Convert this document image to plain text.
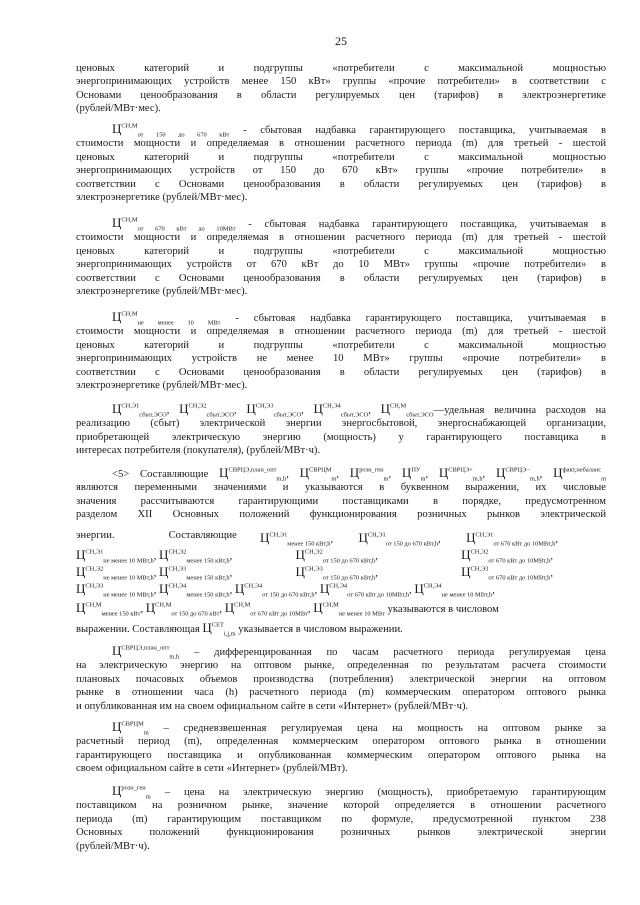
25
ценовых категорий и подгруппы «потребители с максимальной мощностью
энергопринимающих устройств менее 150 кВт» группы «прочие потребители» в соответствии с
Основами ценообразования в области регулируемых цен (тарифов) в электроэнергетике
(рублей/МВт·мес).
$Ц^{СН,М}_{от 150 до 670 кВт}$ - сбытовая надбавка гарантирующего поставщика, учитываемая в
стоимости мощности и определяемая в отношении расчетного периода (m) для третьей - шестой
ценовых категорий и подгруппы «потребители с максимальной мощностью
энергопринимающих устройств от 150 до 670 кВт» группы «прочие потребители» в
соответствии с Основами ценообразования в области регулируемых цен (тарифов) в
электроэнергетике (рублей/МВт·мес).
$Ц^{СН,М}_{от 670 кВт до 10МВт}$ - сбытовая надбавка гарантирующего поставщика, учитываемая в
стоимости мощности и определяемая в отношении расчетного периода (m) для третьей - шестой
ценовых категорий и подгруппы «потребители с максимальной мощностью
энергопринимающих устройств от 670 кВт до 10 МВт» группы «прочие потребители» в
соответствии с Основами ценообразования в области регулируемых цен (тарифов) в
электроэнергетике (рублей/МВт·мес).
$Ц^{СН,М}_{не менее 10 МВт}$ - сбытовая надбавка гарантирующего поставщика, учитываемая в
стоимости мощности и определяемая в отношении расчетного периода (m) для третьей - шестой
ценовых категорий и подгруппы «потребители с максимальной мощностью
энергопринимающих устройств не менее 10 МВт» группы «прочие потребители» в
соответствии с Основами ценообразования в области регулируемых цен (тарифов) в
электроэнергетике (рублей/МВт·мес).
$Ц^{СН,Э1}_{сбыт,ЭСО}$, $Ц^{СН,Э2}_{сбыт,ЭСО}$, $Ц^{СН,Э3}_{сбыт,ЭСО}$, $Ц^{СН,Э4}_{сбыт,ЭСО}$, $Ц^{СН,М}_{сбыт,ЭСО}—удельная$ величина расходов на
реализацию (сбыт) электрической энергии энергосбытовой, энергоснабжающей организации,
приобретающей электрическую энергию (мощность) у гарантирующего поставщика в
интересах потребителя (покупателя), (рублей/МВт·ч).
<5> Составляющие $Ц^{СВРЦЭ,план\_опт}_{m,h}$, $Ц^{СВРЦМ}_m$, $Ц^{розн\_ген}_m$, $Ц^{ПУ}_m$, $Ц^{СВРЦЭ+}_{m,h}$, $Ц^{СВРЦЭ-}_{m,h}$, $Ц^{факт,небаланс}_m$
являются переменными значениями и указываются в буквенном выражении, их числовые
значения рассчитываются гарантирующими поставщиками в порядке, предусмотренном
разделом XII Основных положений функционирования розничных рынков электрической
энергии.	Составляющие	$Ц^{СН,Э1}_{менее 150 кВт,h}$,  $Ц^{СН,Э1}_{от 150 до 670 кВт,h}$,  $Ц^{СН,Э1}_{от 670 кВт до 10МВт,h}$,
$Ц^{СН,Э1}_{не менее 10 МВт,h}$, $Ц^{СН,Э2}_{менее 150 кВт,h}$,	$Ц^{СН,Э2}_{от 150 до 670 кВт,h}$,	$Ц^{СН,Э2}_{от 670 кВт до 10МВт,h}$,
$Ц^{СН,Э2}_{не менее 10 МВт,h}$, $Ц^{СН,Э3}_{менее 150 кВт,h}$,	$Ц^{СН,Э3}_{от 150 до 670 кВт,h}$,	$Ц^{СН,Э3}_{от 670 кВт до 10МВт,h}$,
$Ц^{СН,Э3}_{не менее 10 МВт,h}$, $Ц^{СН,Э4}_{менее 150 кВт,h}$, $Ц^{СН,Э4}_{от 150 до 670 кВт,h}$, $Ц^{СН,Э4}_{от 670 кВт до 10МВт,h}$, $Ц^{СН,Э4}_{не менее 10 МВт,h}$,
$Ц^{СН,М}_{менее 150 кВт}$, $Ц^{СН,М}_{от 150 до 670 кВт}$, $Ц^{СН,М}_{от 670 кВт до 10МВт}$, $Ц^{СН,М}_{не менее 10 МВт}$ указываются в числовом
выражении. Составляющая $Ц^{СЕТ}_{i,j,m}$ указывается в числовом выражении.
$Ц^{СВРЦЭ,план\_опт}_{m,h}$ – дифференцированная по часам расчетного периода регулируемая цена
на электрическую энергию на оптовом рынке, определенная по результатам расчета стоимости
плановых почасовых объемов производства (потребления) электрической энергии на оптовом
рынке в отношении часа (h) расчетного периода (m) коммерческим оператором оптового рынка
и опубликованная им на своем официальном сайте в сети «Интернет» (рублей/МВт·ч).
$Ц^{СВРЦМ}_m$ – средневзвешенная регулируемая цена на мощность на оптовом рынке за
расчетный период (m), определенная коммерческим оператором оптового рынка в отношении
гарантирующего поставщика и опубликованная коммерческим оператором оптового рынка на
своем официальном сайте в сети «Интернет» (рублей/МВт).
$Ц^{розн\_ген}_m$ – цена на электрическую энергию (мощность), приобретаемую гарантирующим
поставщиком на розничном рынке, значение которой определяется в отношении расчетного
периода (m) гарантирующим поставщиком по формуле, предусмотренной пунктом 238
Основных положений функционирования розничных рынков электрической энергии
(рублей/МВт·ч).
